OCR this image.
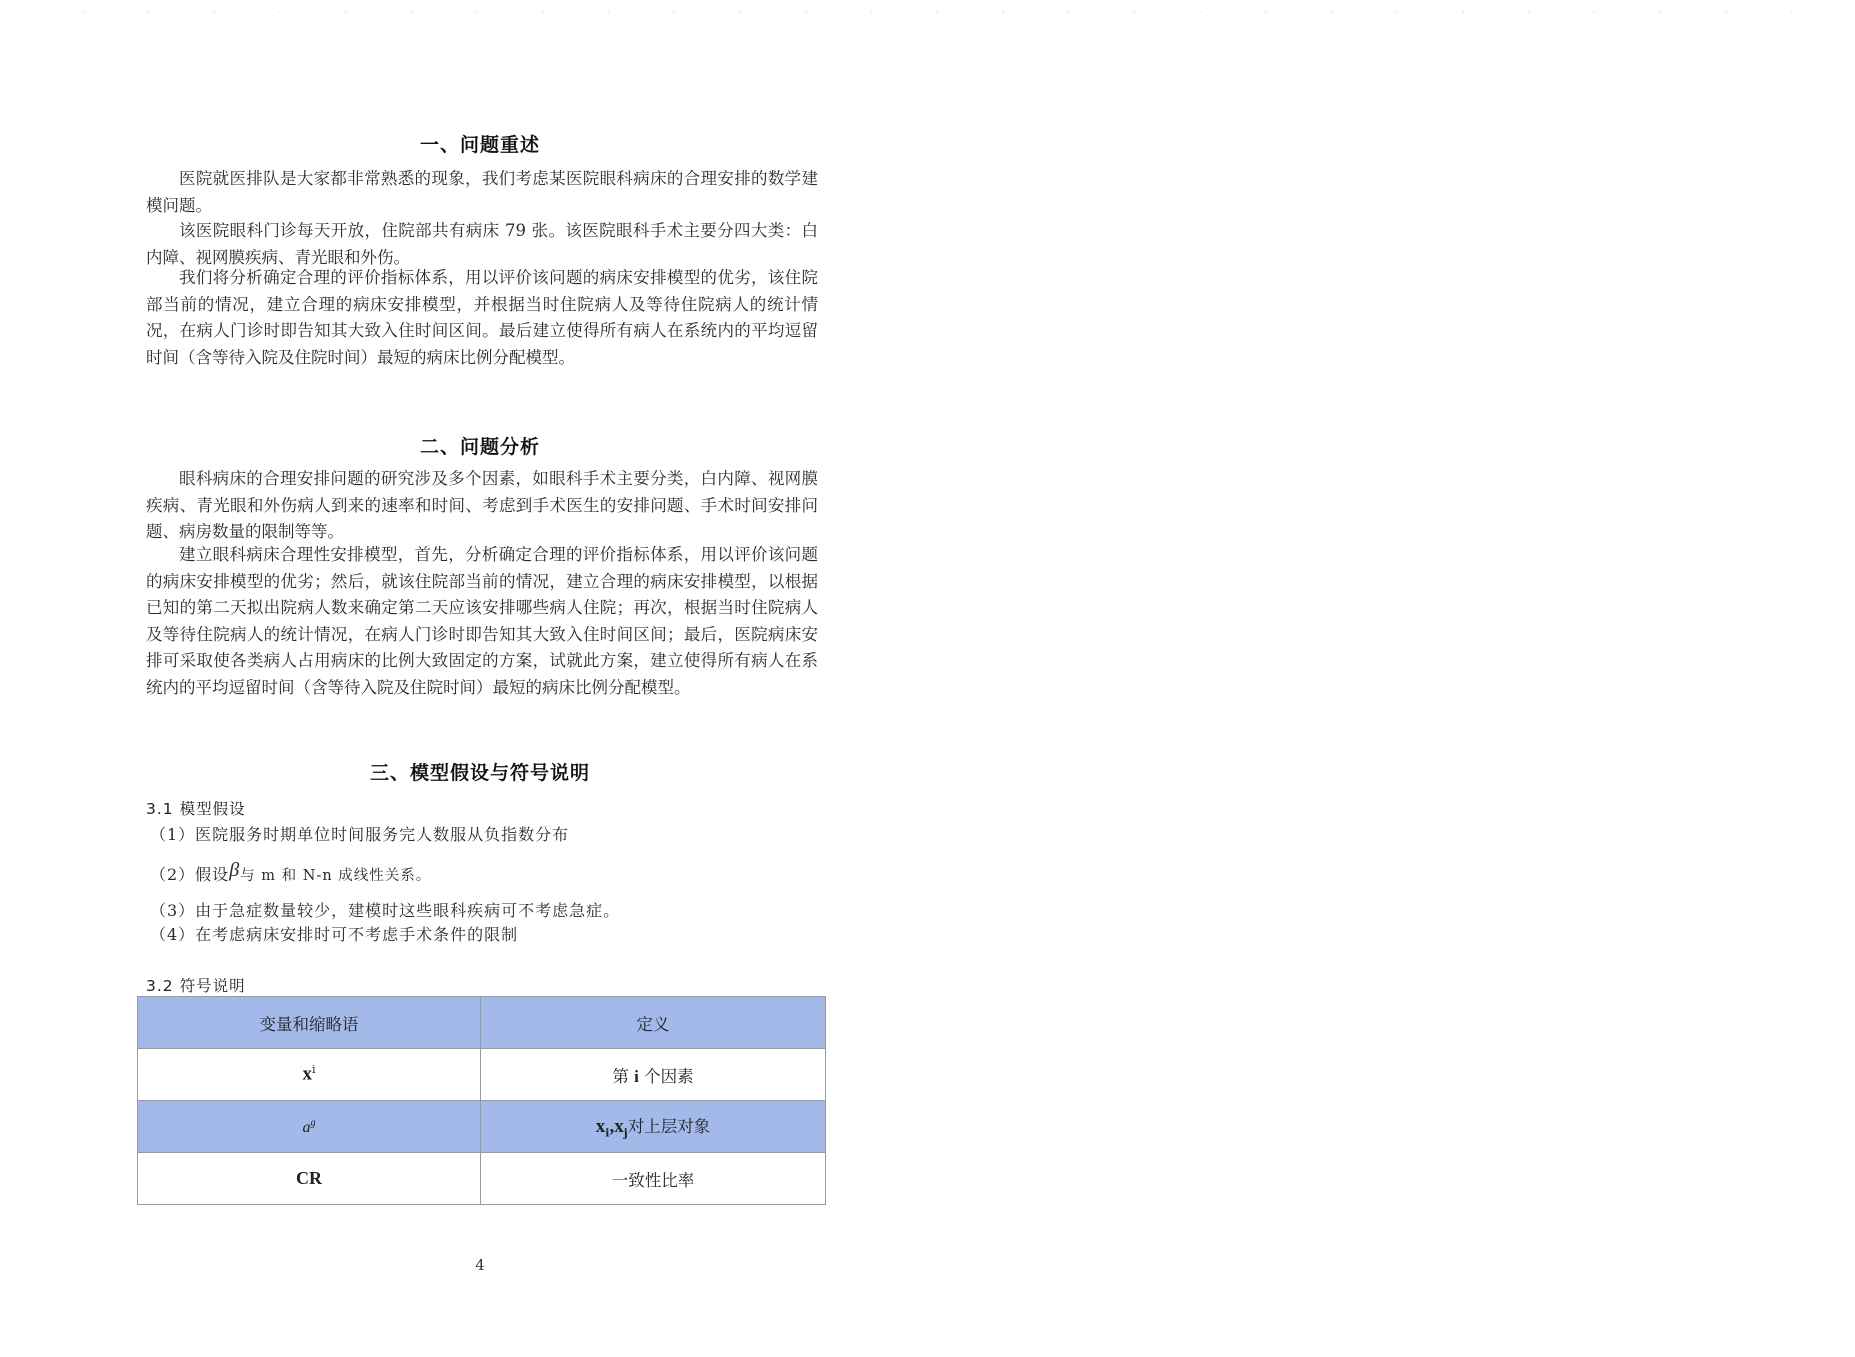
···························
一、问题重述

医院就医排队是大家都非常熟悉的现象，我们考虑某医院眼科病床的合理安排的数学建模问题。

该医院眼科门诊每天开放，住院部共有病床 79 张。该医院眼科手术主要分四大类：白内障、视网膜疾病、青光眼和外伤。

我们将分析确定合理的评价指标体系，用以评价该问题的病床安排模型的优劣，该住院部当前的情况，建立合理的病床安排模型，并根据当时住院病人及等待住院病人的统计情况，在病人门诊时即告知其大致入住时间区间。最后建立使得所有病人在系统内的平均逗留时间（含等待入院及住院时间）最短的病床比例分配模型。

二、问题分析

眼科病床的合理安排问题的研究涉及多个因素，如眼科手术主要分类，白内障、视网膜疾病、青光眼和外伤病人到来的速率和时间、考虑到手术医生的安排问题、手术时间安排问题、病房数量的限制等等。

建立眼科病床合理性安排模型，首先，分析确定合理的评价指标体系，用以评价该问题的病床安排模型的优劣；然后，就该住院部当前的情况，建立合理的病床安排模型，以根据已知的第二天拟出院病人数来确定第二天应该安排哪些病人住院；再次，根据当时住院病人及等待住院病人的统计情况，在病人门诊时即告知其大致入住时间区间；最后，医院病床安排可采取使各类病人占用病床的比例大致固定的方案，试就此方案，建立使得所有病人在系统内的平均逗留时间（含等待入院及住院时间）最短的病床比例分配模型。

三、模型假设与符号说明
3.1 模型假设
（1）医院服务时期单位时间服务完人数服从负指数分布
（2）假设β与 m 和 N-n 成线性关系。
（3）由于急症数量较少，建模时这些眼科疾病可不考虑急症。
（4）在考虑病床安排时可不考虑手术条件的限制
3.2 符号说明
变量和缩略语	定义
$x^i$	第 i 个因素
$a^g$	$x_i,x_j$对上层对象
CR	一致性比率
4
